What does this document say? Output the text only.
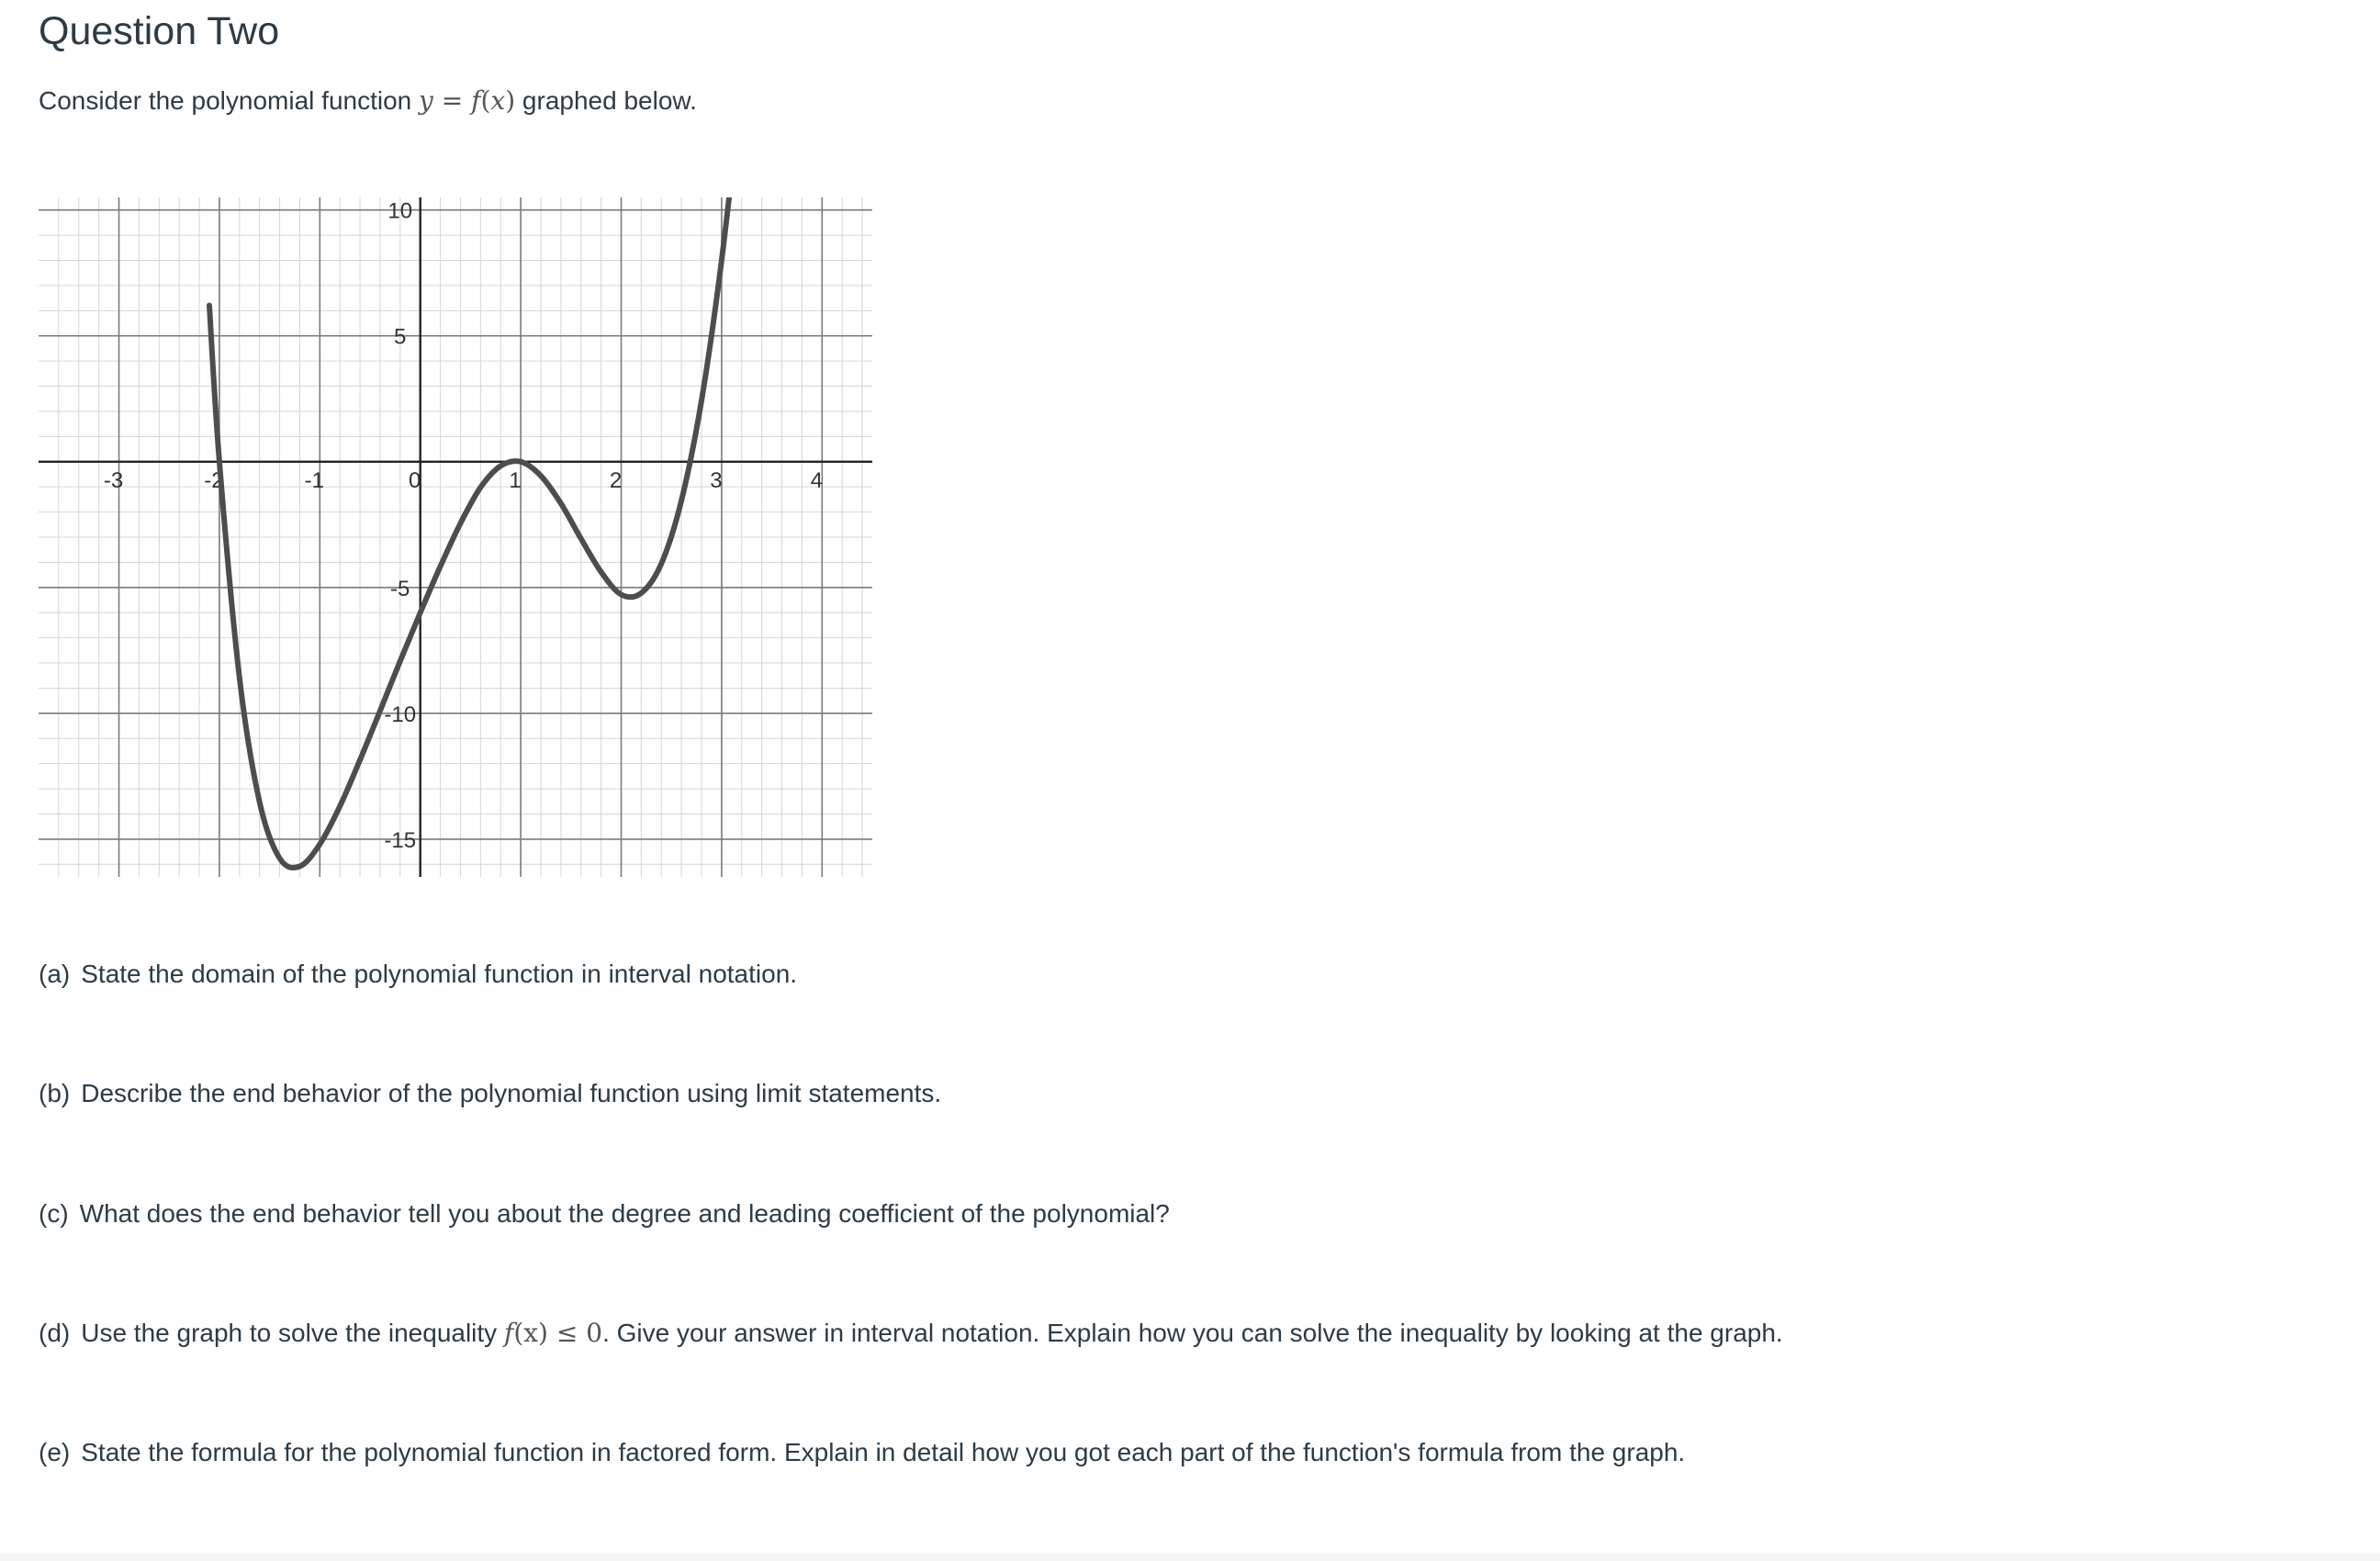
Question Two

Consider the polynomial function y = f(x) graphed below.

-3	-2	-1	0	1	2	3	4
10
5
-5
-10
-15

(a) State the domain of the polynomial function in interval notation.

(b) Describe the end behavior of the polynomial function using limit statements.

(c) What does the end behavior tell you about the degree and leading coefficient of the polynomial?

(d) Use the graph to solve the inequality f(x) ≤ 0. Give your answer in interval notation. Explain how you can solve the inequality by looking at the graph.

(e) State the formula for the polynomial function in factored form. Explain in detail how you got each part of the function's formula from the graph.
